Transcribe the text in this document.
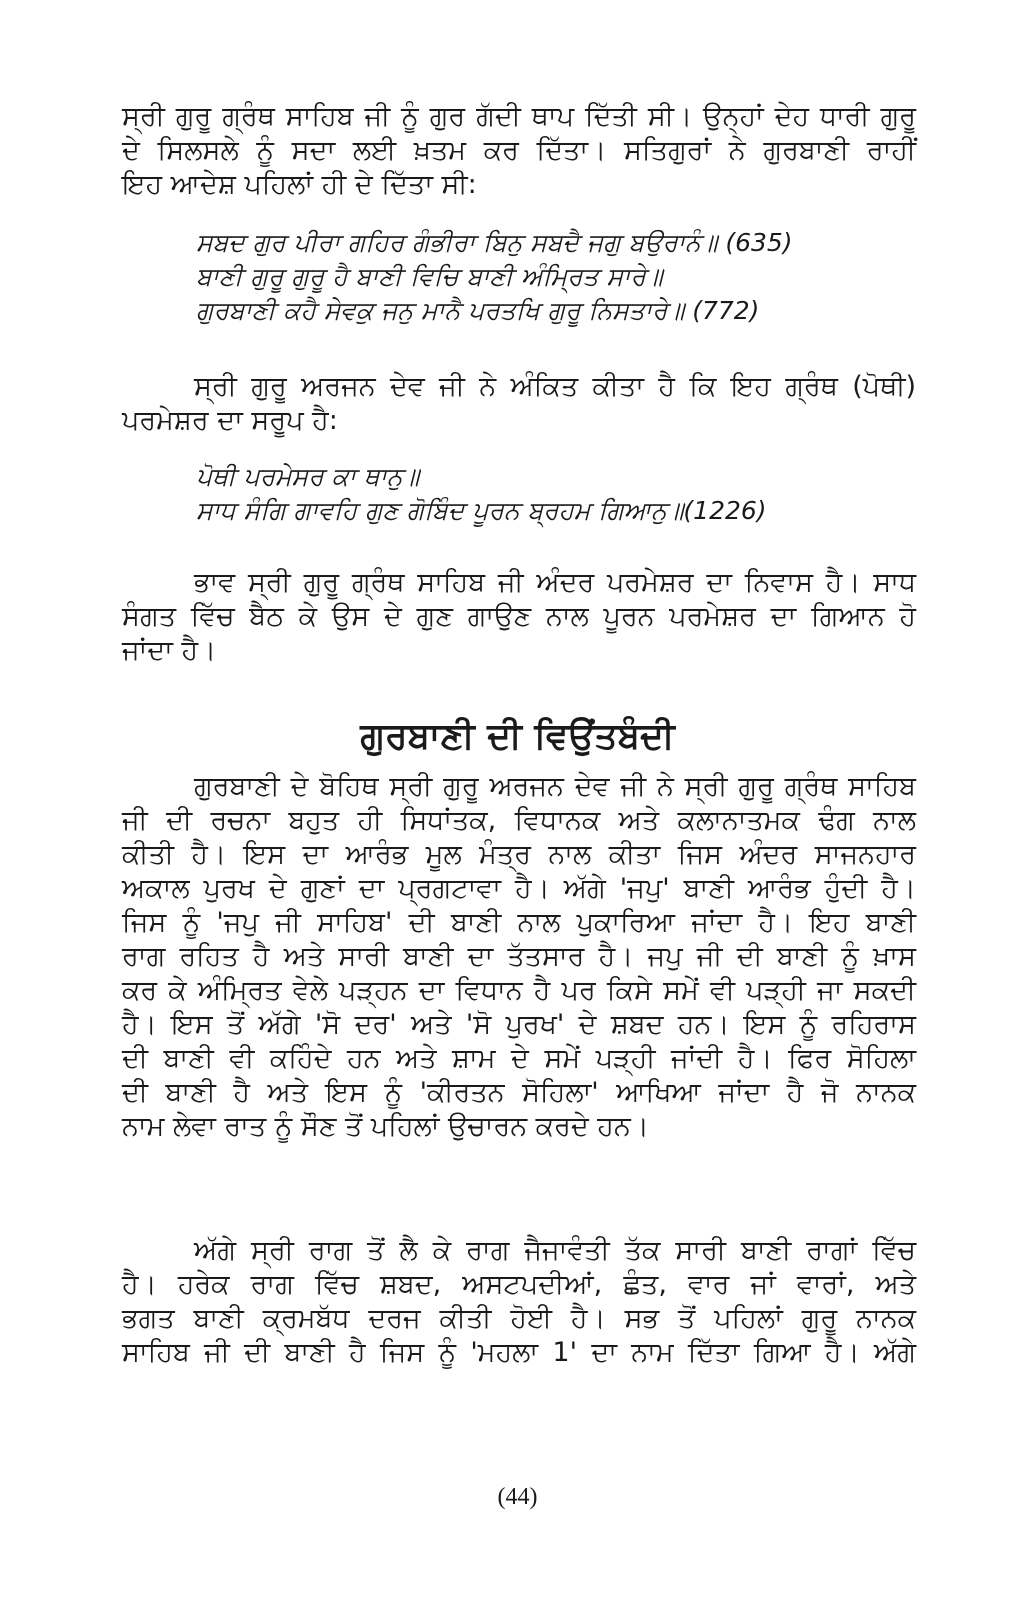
ਸ੍ਰੀ ਗੁਰੂ ਗ੍ਰੰਥ ਸਾਹਿਬ ਜੀ ਨੂੰ ਗੁਰ ਗੱਦੀ ਥਾਪ ਦਿੱਤੀ ਸੀ। ਉਨ੍ਹਾਂ ਦੇਹ ਧਾਰੀ ਗੁਰੂ
ਦੇ ਸਿਲਸਲੇ ਨੂੰ ਸਦਾ ਲਈ ਖ਼ਤਮ ਕਰ ਦਿੱਤਾ। ਸਤਿਗੁਰਾਂ ਨੇ ਗੁਰਬਾਣੀ ਰਾਹੀਂ
ਇਹ ਆਦੇਸ਼ ਪਹਿਲਾਂ ਹੀ ਦੇ ਦਿੱਤਾ ਸੀ:
ਸਬਦ ਗੁਰ ਪੀਰਾ ਗਹਿਰ ਗੰਭੀਰਾ ਬਿਨੁ ਸਬਦੈ ਜਗੁ ਬਉਰਾਨੰ॥ (635)
ਬਾਣੀ ਗੁਰੂ ਗੁਰੂ ਹੈ ਬਾਣੀ ਵਿਚਿ ਬਾਣੀ ਅੰਮ੍ਰਿਤ ਸਾਰੇ॥
ਗੁਰਬਾਣੀ ਕਹੈ ਸੇਵਕੁ ਜਨੁ ਮਾਨੈ ਪਰਤਖਿ ਗੁਰੂ ਨਿਸਤਾਰੇ॥ (772)
ਸ੍ਰੀ ਗੁਰੂ ਅਰਜਨ ਦੇਵ ਜੀ ਨੇ ਅੰਕਿਤ ਕੀਤਾ ਹੈ ਕਿ ਇਹ ਗ੍ਰੰਥ (ਪੋਥੀ)
ਪਰਮੇਸ਼ਰ ਦਾ ਸਰੂਪ ਹੈ:
ਪੋਥੀ ਪਰਮੇਸਰ ਕਾ ਥਾਨੁ॥
ਸਾਧ ਸੰਗਿ ਗਾਵਹਿ ਗੁਣ ਗੋਬਿੰਦ ਪੂਰਨ ਬ੍ਰਹਮ ਗਿਆਨੁ॥(1226)
ਭਾਵ ਸ੍ਰੀ ਗੁਰੂ ਗ੍ਰੰਥ ਸਾਹਿਬ ਜੀ ਅੰਦਰ ਪਰਮੇਸ਼ਰ ਦਾ ਨਿਵਾਸ ਹੈ। ਸਾਧ
ਸੰਗਤ ਵਿੱਚ ਬੈਠ ਕੇ ਉਸ ਦੇ ਗੁਣ ਗਾਉਣ ਨਾਲ ਪੂਰਨ ਪਰਮੇਸ਼ਰ ਦਾ ਗਿਆਨ ਹੋ
ਜਾਂਦਾ ਹੈ।
ਗੁਰਬਾਣੀ ਦੀ ਵਿਉਂਤਬੰਦੀ
ਗੁਰਬਾਣੀ ਦੇ ਬੋਹਿਥ ਸ੍ਰੀ ਗੁਰੂ ਅਰਜਨ ਦੇਵ ਜੀ ਨੇ ਸ੍ਰੀ ਗੁਰੂ ਗ੍ਰੰਥ ਸਾਹਿਬ
ਜੀ ਦੀ ਰਚਨਾ ਬਹੁਤ ਹੀ ਸਿਧਾਂਤਕ, ਵਿਧਾਨਕ ਅਤੇ ਕਲਾਨਾਤਮਕ ਢੰਗ ਨਾਲ
ਕੀਤੀ ਹੈ। ਇਸ ਦਾ ਆਰੰਭ ਮੂਲ ਮੰਤ੍ਰ ਨਾਲ ਕੀਤਾ ਜਿਸ ਅੰਦਰ ਸਾਜਨਹਾਰ
ਅਕਾਲ ਪੁਰਖ ਦੇ ਗੁਣਾਂ ਦਾ ਪ੍ਰਗਟਾਵਾ ਹੈ। ਅੱਗੇ 'ਜਪੁ' ਬਾਣੀ ਆਰੰਭ ਹੁੰਦੀ ਹੈ।
ਜਿਸ ਨੂੰ 'ਜਪੁ ਜੀ ਸਾਹਿਬ' ਦੀ ਬਾਣੀ ਨਾਲ ਪੁਕਾਰਿਆ ਜਾਂਦਾ ਹੈ। ਇਹ ਬਾਣੀ
ਰਾਗ ਰਹਿਤ ਹੈ ਅਤੇ ਸਾਰੀ ਬਾਣੀ ਦਾ ਤੱਤਸਾਰ ਹੈ। ਜਪੁ ਜੀ ਦੀ ਬਾਣੀ ਨੂੰ ਖ਼ਾਸ
ਕਰ ਕੇ ਅੰਮ੍ਰਿਤ ਵੇਲੇ ਪੜ੍ਹਨ ਦਾ ਵਿਧਾਨ ਹੈ ਪਰ ਕਿਸੇ ਸਮੇਂ ਵੀ ਪੜ੍ਹੀ ਜਾ ਸਕਦੀ
ਹੈ। ਇਸ ਤੋਂ ਅੱਗੇ 'ਸੋ ਦਰ' ਅਤੇ 'ਸੋ ਪੁਰਖ' ਦੇ ਸ਼ਬਦ ਹਨ। ਇਸ ਨੂੰ ਰਹਿਰਾਸ
ਦੀ ਬਾਣੀ ਵੀ ਕਹਿੰਦੇ ਹਨ ਅਤੇ ਸ਼ਾਮ ਦੇ ਸਮੇਂ ਪੜ੍ਹੀ ਜਾਂਦੀ ਹੈ। ਫਿਰ ਸੋਹਿਲਾ
ਦੀ ਬਾਣੀ ਹੈ ਅਤੇ ਇਸ ਨੂੰ 'ਕੀਰਤਨ ਸੋਹਿਲਾ' ਆਖਿਆ ਜਾਂਦਾ ਹੈ ਜੋ ਨਾਨਕ
ਨਾਮ ਲੇਵਾ ਰਾਤ ਨੂੰ ਸੌਣ ਤੋਂ ਪਹਿਲਾਂ ਉਚਾਰਨ ਕਰਦੇ ਹਨ।
ਅੱਗੇ ਸ੍ਰੀ ਰਾਗ ਤੋਂ ਲੈ ਕੇ ਰਾਗ ਜੈਜਾਵੰਤੀ ਤੱਕ ਸਾਰੀ ਬਾਣੀ ਰਾਗਾਂ ਵਿੱਚ
ਹੈ। ਹਰੇਕ ਰਾਗ ਵਿੱਚ ਸ਼ਬਦ, ਅਸਟਪਦੀਆਂ, ਛੰਤ, ਵਾਰ ਜਾਂ ਵਾਰਾਂ, ਅਤੇ
ਭਗਤ ਬਾਣੀ ਕ੍ਰਮਬੱਧ ਦਰਜ ਕੀਤੀ ਹੋਈ ਹੈ। ਸਭ ਤੋਂ ਪਹਿਲਾਂ ਗੁਰੂ ਨਾਨਕ
ਸਾਹਿਬ ਜੀ ਦੀ ਬਾਣੀ ਹੈ ਜਿਸ ਨੂੰ 'ਮਹਲਾ 1' ਦਾ ਨਾਮ ਦਿੱਤਾ ਗਿਆ ਹੈ। ਅੱਗੇ
(44)
